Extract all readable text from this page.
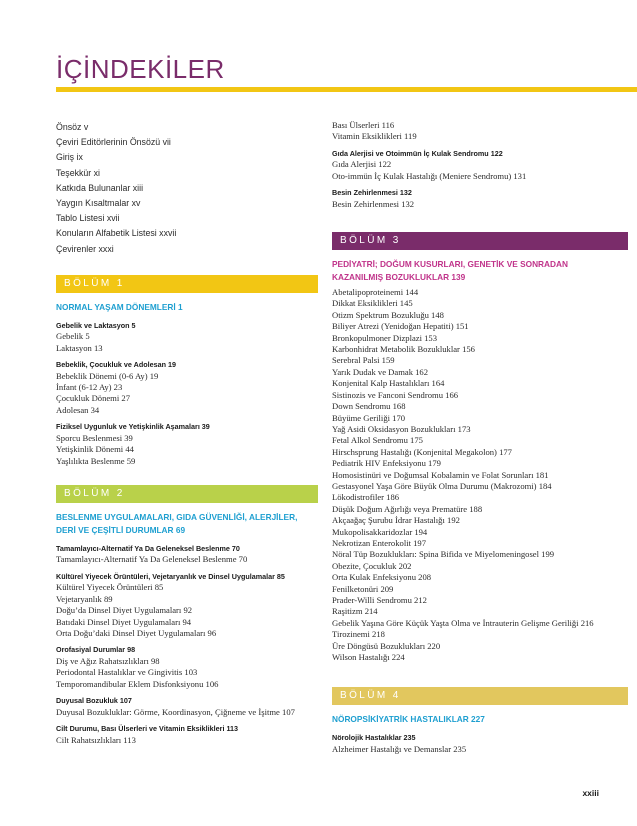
İÇİNDEKİLER
Önsöz v
Çeviri Editörlerinin Önsözü vii
Giriş ix
Teşekkür xi
Katkıda Bulunanlar xiii
Yaygın Kısaltmalar xv
Tablo Listesi xvii
Konuların Alfabetik Listesi xxvii
Çevirenler xxxi
BÖLÜM 1
NORMAL YAŞAM DÖNEMLERİ 1
Gebelik ve Laktasyon 5
Gebelik 5
Laktasyon 13
Bebeklik, Çocukluk ve Adolesan 19
Bebeklik Dönemi (0-6 Ay) 19
İnfant (6-12 Ay) 23
Çocukluk Dönemi 27
Adolesan 34
Fiziksel Uygunluk ve Yetişkinlik Aşamaları 39
Sporcu Beslenmesi 39
Yetişkinlik Dönemi 44
Yaşlılıkta Beslenme 59
BÖLÜM 2
BESLENME UYGULAMALARI, GIDA GÜVENLİĞİ, ALERJİLER, DERİ VE ÇEŞİTLİ DURUMLAR 69
Tamamlayıcı-Alternatif Ya Da Geleneksel Beslenme 70
Tamamlayıcı-Alternatif Ya Da Geleneksel Beslenme 70
Kültürel Yiyecek Örüntüleri, Vejetaryanlık ve Dinsel Uygulamalar 85
Kültürel Yiyecek Örüntüleri 85
Vejetaryanlık 89
Doğu’da Dinsel Diyet Uygulamaları 92
Batıdaki Dinsel Diyet Uygulamaları 94
Orta Doğu’daki Dinsel Diyet Uygulamaları 96
Orofasiyal Durumlar 98
Diş ve Ağız Rahatsızlıkları 98
Periodontal Hastalıklar ve Gingivitis 103
Temporomandibular Eklem Disfonksiyonu 106
Duyusal Bozukluk 107
Duyusal Bozukluklar: Görme, Koordinasyon, Çiğneme ve İşitme 107
Cilt Durumu, Bası Ülserleri ve Vitamin Eksiklikleri 113
Cilt Rahatsızlıkları 113
Bası Ülserleri 116
Vitamin Eksiklikleri 119
Gıda Alerjisi ve Otoimmün İç Kulak Sendromu 122
Gıda Alerjisi 122
Oto-immün İç Kulak Hastalığı (Meniere Sendromu) 131
Besin Zehirlenmesi 132
Besin Zehirlenmesi 132
BÖLÜM 3
PEDİYATRİ; DOĞUM KUSURLARI, GENETİK VE SONRADAN KAZANILMIŞ BOZUKLUKLAR 139
Abetalipoproteinemi 144
Dikkat Eksiklikleri 145
Otizm Spektrum Bozukluğu 148
Biliyer Atrezi (Yenidoğan Hepatiti) 151
Bronkopulmoner Dizplazi 153
Karbonhidrat Metabolik Bozukluklar 156
Serebral Palsi 159
Yarık Dudak ve Damak 162
Konjenital Kalp Hastalıkları 164
Sistinozis ve Fanconi Sendromu 166
Down Sendromu 168
Büyüme Geriliği 170
Yağ Asidi Oksidasyon Bozuklukları 173
Fetal Alkol Sendromu 175
Hirschsprung Hastalığı (Konjenital Megakolon) 177
Pediatrik HIV Enfeksiyonu 179
Homosistinüri ve Doğumsal Kobalamin ve Folat Sorunları 181
Gestasyonel Yaşa Göre Büyük Olma Durumu (Makrozomi) 184
Lökodistrofiler 186
Düşük Doğum Ağırlığı veya Prematüre 188
Akçaağaç Şurubu İdrar Hastalığı 192
Mukopolisakkaridozlar 194
Nekrotizan Enterokolit 197
Nöral Tüp Bozuklukları: Spina Bifida ve Miyelomeningosel 199
Obezite, Çocukluk 202
Orta Kulak Enfeksiyonu 208
Fenilketonüri 209
Prader-Willi Sendromu 212
Raşitizm 214
Gebelik Yaşına Göre Küçük Yaşta Olma ve İntrauterin Gelişme Geriliği 216
Tirozinemi 218
Üre Döngüsü Bozuklukları 220
Wilson Hastalığı 224
BÖLÜM 4
NÖROPSİKİYATRİK HASTALIKLAR 227
Nörolojik Hastalıklar 235
Alzheimer Hastalığı ve Demanslar 235
xxiii
